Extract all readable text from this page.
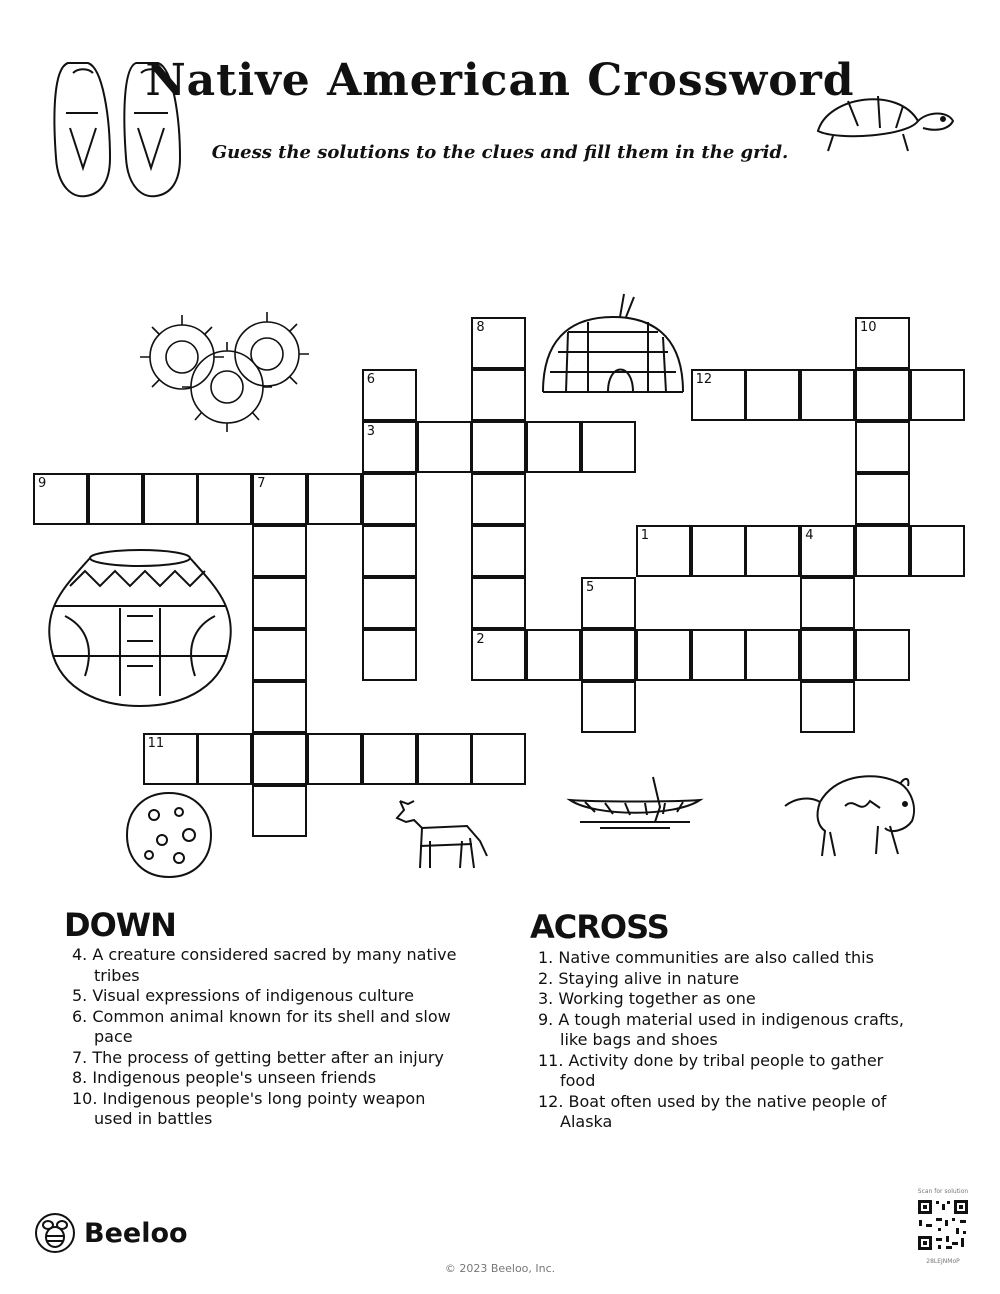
Native American Crossword

Guess the solutions to the clues and fill them in the grid.

8	10
6	12
3
9	7
1	4
5
2
11
DOWN
4. A creature considered sacred by many native tribes
5. Visual expressions of indigenous culture
6. Common animal known for its shell and slow pace
7. The process of getting better after an injury
8. Indigenous people's unseen friends
10. Indigenous people's long pointy weapon used in battles
ACROSS
1. Native communities are also called this
2. Staying alive in nature
3. Working together as one
9. A tough material used in indigenous crafts, like bags and shoes
11. Activity done by tribal people to gather food
12. Boat often used by the native people of Alaska
Beeloo
© 2023 Beeloo, Inc.
Scan for solution
28LEJNMoP
